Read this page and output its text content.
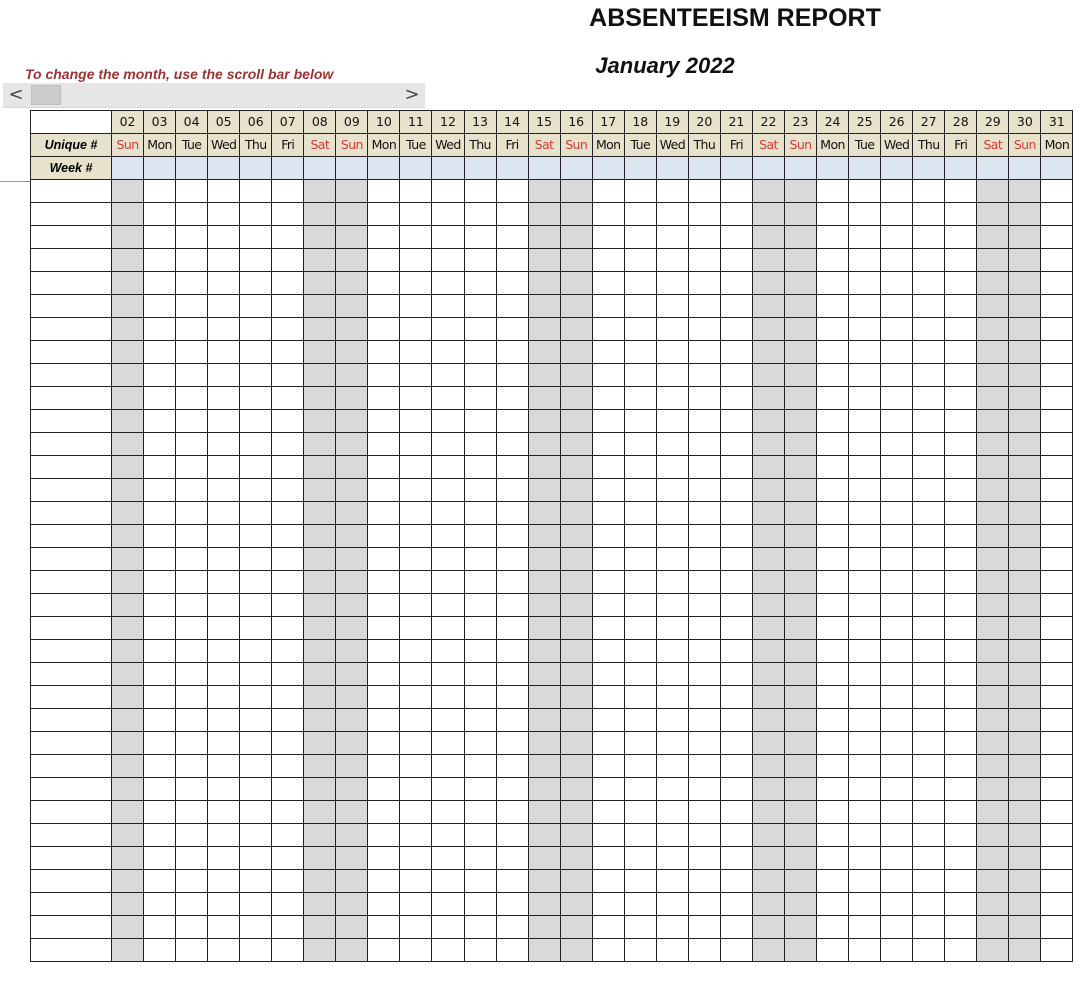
ABSENTEEISM REPORT
January 2022
To change the month, use the scroll bar below
<	>
	02	03	04	05	06	07	08	09	10	11	12	13	14	15	16	17	18	19	20	21	22	23	24	25	26	27	28	29	30	31
Unique #	Sun	Mon	Tue	Wed	Thu	Fri	Sat	Sun	Mon	Tue	Wed	Thu	Fri	Sat	Sun	Mon	Tue	Wed	Thu	Fri	Sat	Sun	Mon	Tue	Wed	Thu	Fri	Sat	Sun	Mon
Week #																														
